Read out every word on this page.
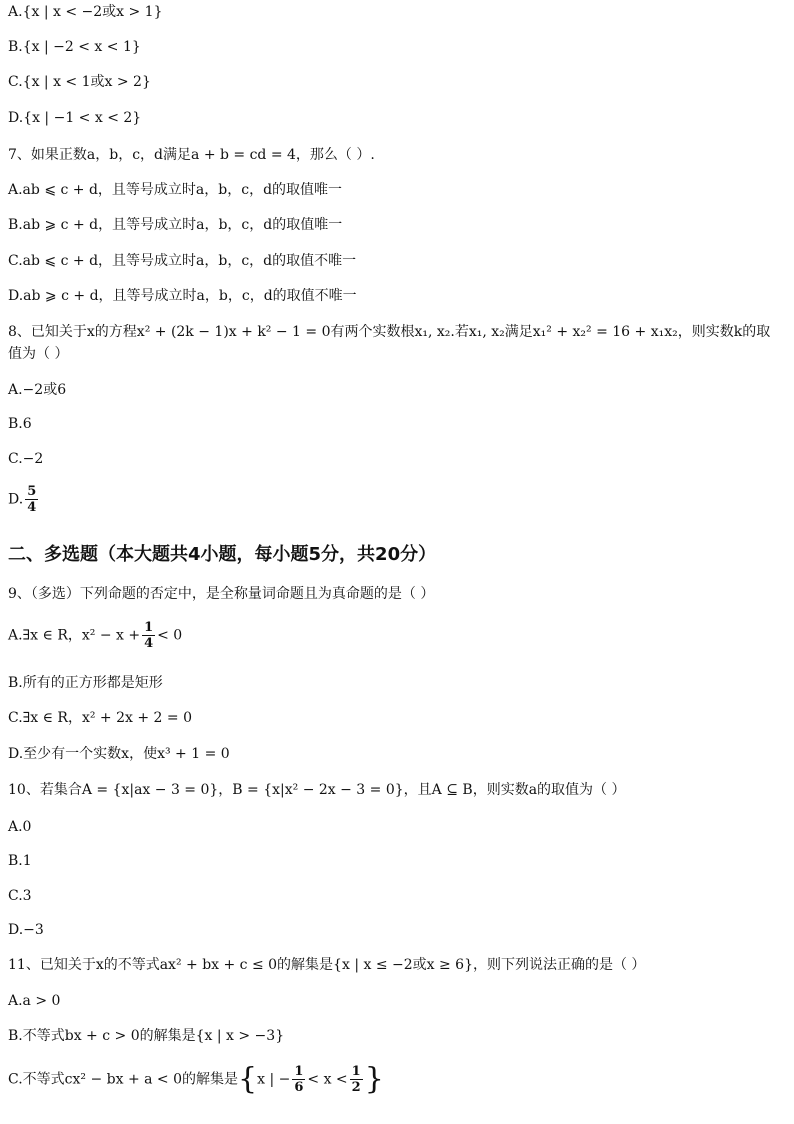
A.{x | x < −2或x > 1}
B.{x | −2 < x < 1}
C.{x | x < 1或x > 2}
D.{x | −1 < x < 2}
7、如果正数a，b，c，d满足a + b = cd = 4，那么（ ）.
A.ab ⩽ c + d，且等号成立时a，b，c，d的取值唯一
B.ab ⩾ c + d，且等号成立时a，b，c，d的取值唯一
C.ab ⩽ c + d，且等号成立时a，b，c，d的取值不唯一
D.ab ⩾ c + d，且等号成立时a，b，c，d的取值不唯一
8、已知关于x的方程x² + (2k − 1)x + k² − 1 = 0有两个实数根x₁, x₂.若x₁, x₂满足x₁² + x₂² = 16 + x₁x₂，则实数k的取值为（ ）
A.−2或6
B.6
C.−2
D. $\frac{5}{4}$
二、多选题（本大题共4小题，每小题5分，共20分）
9、（多选）下列命题的否定中，是全称量词命题且为真命题的是（ ）
A.∃x ∈ R，$x^2 - x + \frac{1}{4} < 0$
B.所有的正方形都是矩形
C.∃x ∈ R，x² + 2x + 2 = 0
D.至少有一个实数x，使x³ + 1 = 0
10、若集合A = {x|ax − 3 = 0}，B = {x|x² − 2x − 3 = 0}，且A ⊆ B，则实数a的取值为（ ）
A.0
B.1
C.3
D.−3
11、已知关于x的不等式ax² + bx + c ≤ 0的解集是{x | x ≤ −2或x ≥ 6}，则下列说法正确的是（ ）
A.a > 0
B.不等式bx + c > 0的解集是{x | x > −3}
C.不等式cx² − bx + a < 0的解集是{x | − $\frac{1}{6} < x < \frac{1}{2}$ }
